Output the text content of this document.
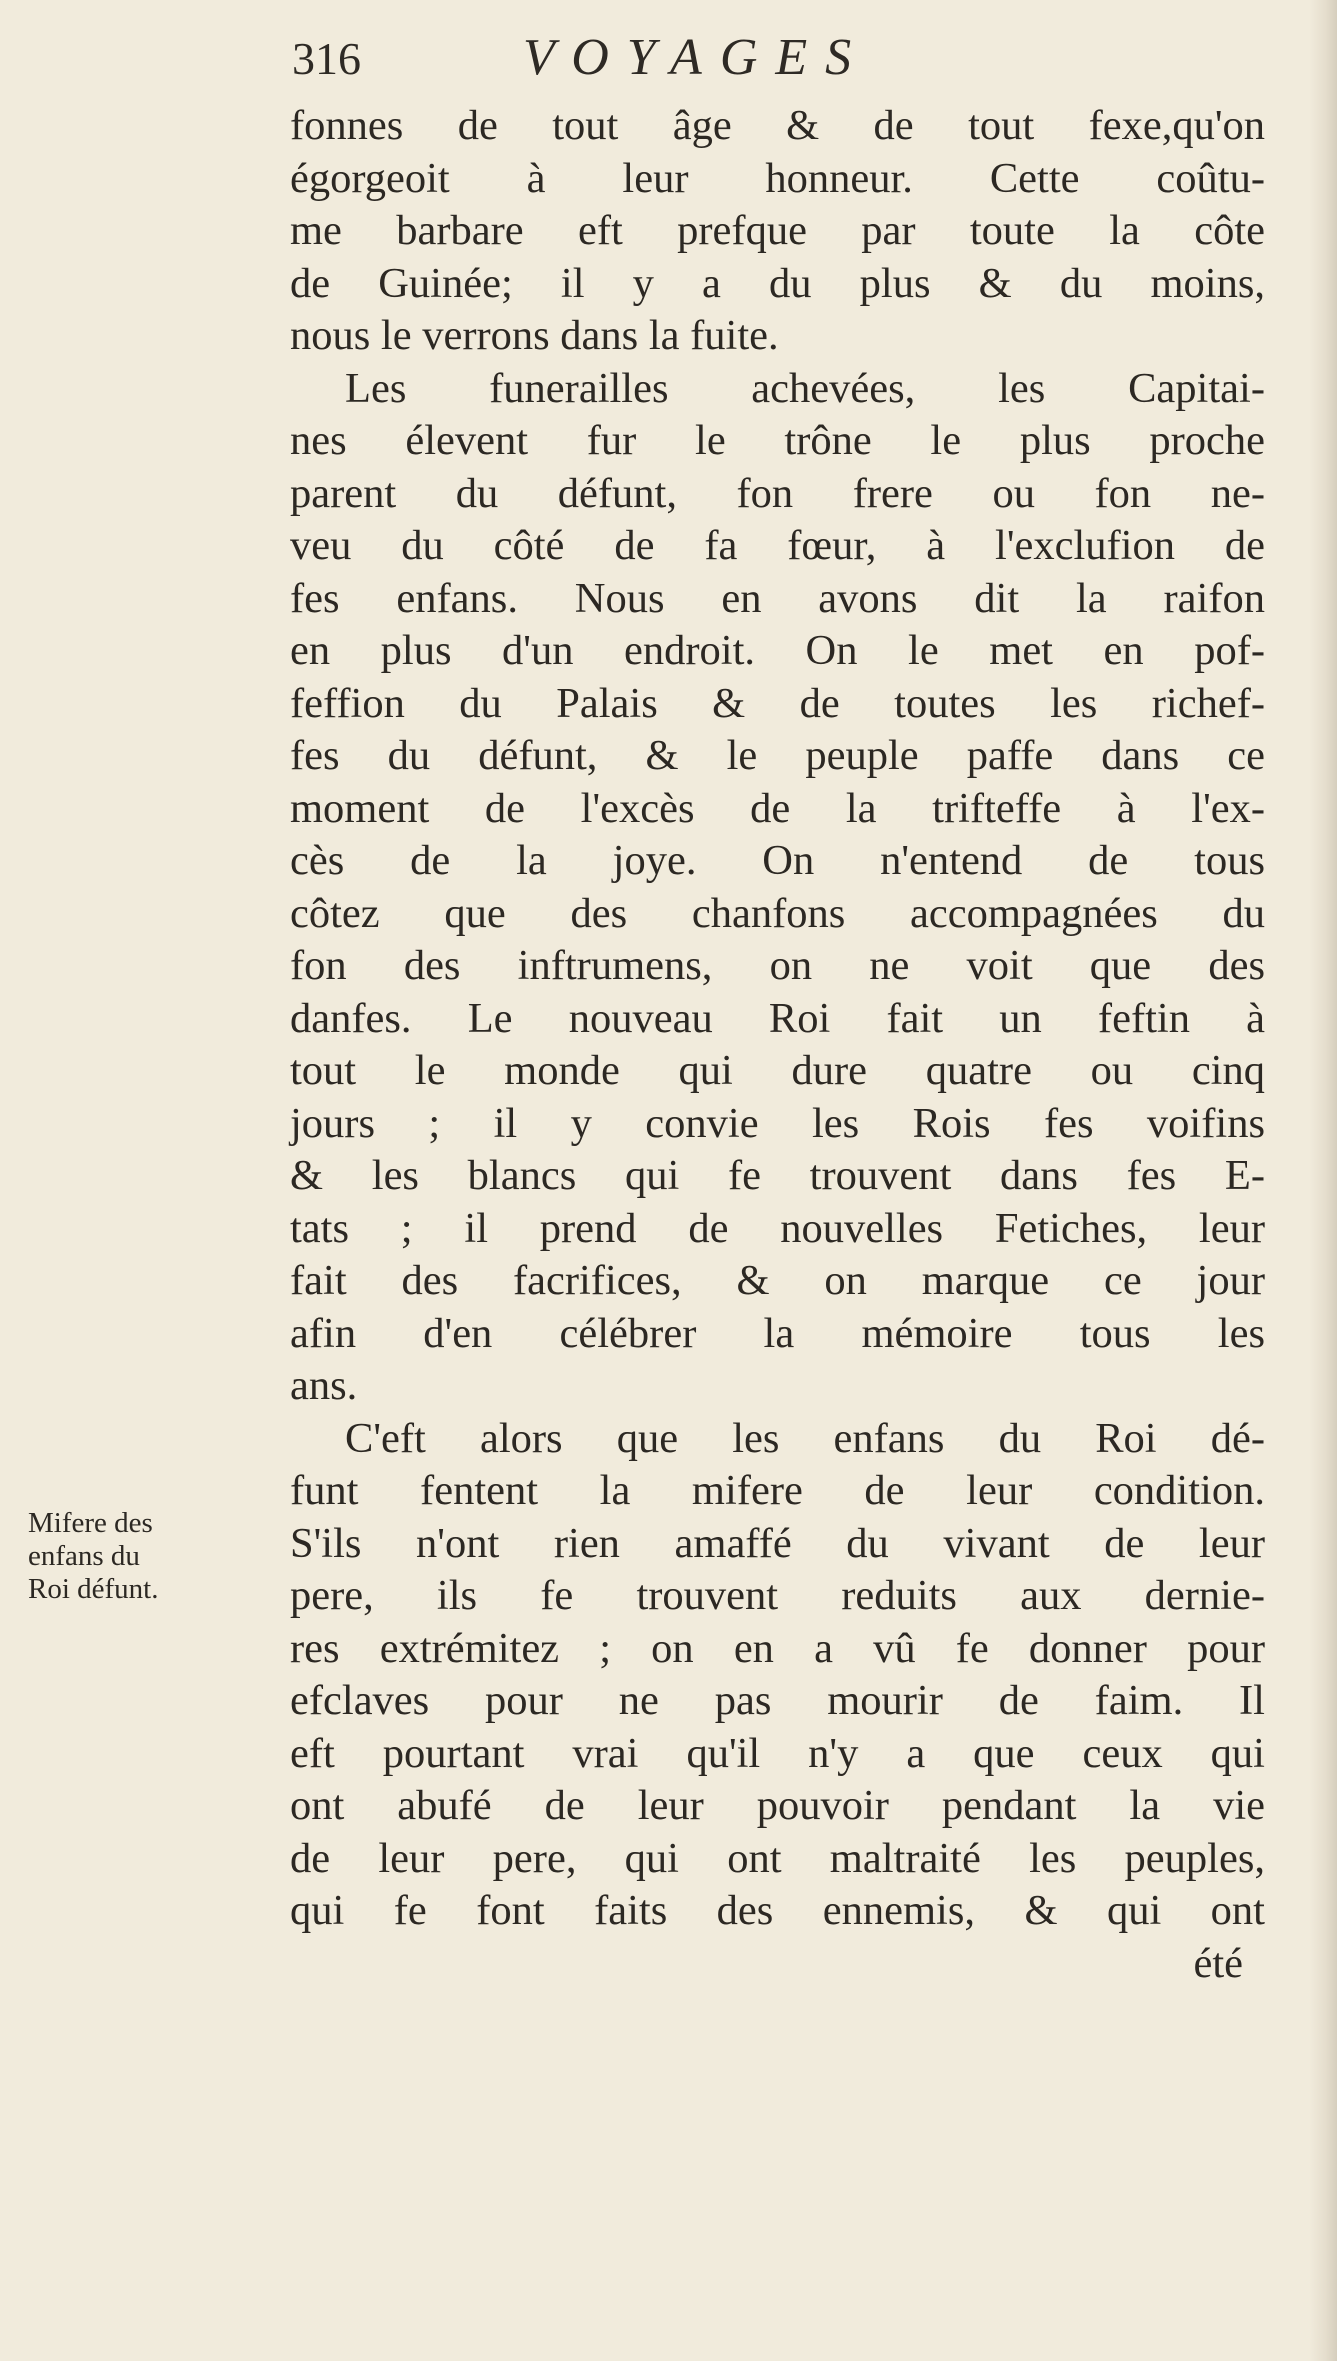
316	VOYAGES
fonnes de tout âge & de tout fexe,qu'on
égorgeoit à leur honneur. Cette coûtu-
me barbare eft prefque par toute la côte
de Guinée; il y a du plus & du moins,
nous le verrons dans la fuite.
Les funerailles achevées, les Capitai-
nes élevent fur le trône le plus proche
parent du défunt, fon frere ou fon ne-
veu du côté de fa fœur, à l'exclufion de
fes enfans. Nous en avons dit la raifon
en plus d'un endroit. On le met en pof-
feffion du Palais & de toutes les richef-
fes du défunt, & le peuple paffe dans ce
moment de l'excès de la trifteffe à l'ex-
cès de la joye. On n'entend de tous
côtez que des chanfons accompagnées du
fon des inftrumens, on ne voit que des
danfes. Le nouveau Roi fait un feftin à
tout le monde qui dure quatre ou cinq
jours ; il y convie les Rois fes voifins
& les blancs qui fe trouvent dans fes E-
tats ; il prend de nouvelles Fetiches, leur
fait des facrifices, & on marque ce jour
afin d'en célébrer la mémoire tous les
ans.
C'eft alors que les enfans du Roi dé-
funt fentent la mifere de leur condition.
S'ils n'ont rien amaffé du vivant de leur
pere, ils fe trouvent reduits aux dernie-
res extrémitez ; on en a vû fe donner pour
efclaves pour ne pas mourir de faim. Il
eft pourtant vrai qu'il n'y a que ceux qui
ont abufé de leur pouvoir pendant la vie
de leur pere, qui ont maltraité les peuples,
qui fe font faits des ennemis, & qui ont
été
Mifere des
enfans du
Roi défunt.
